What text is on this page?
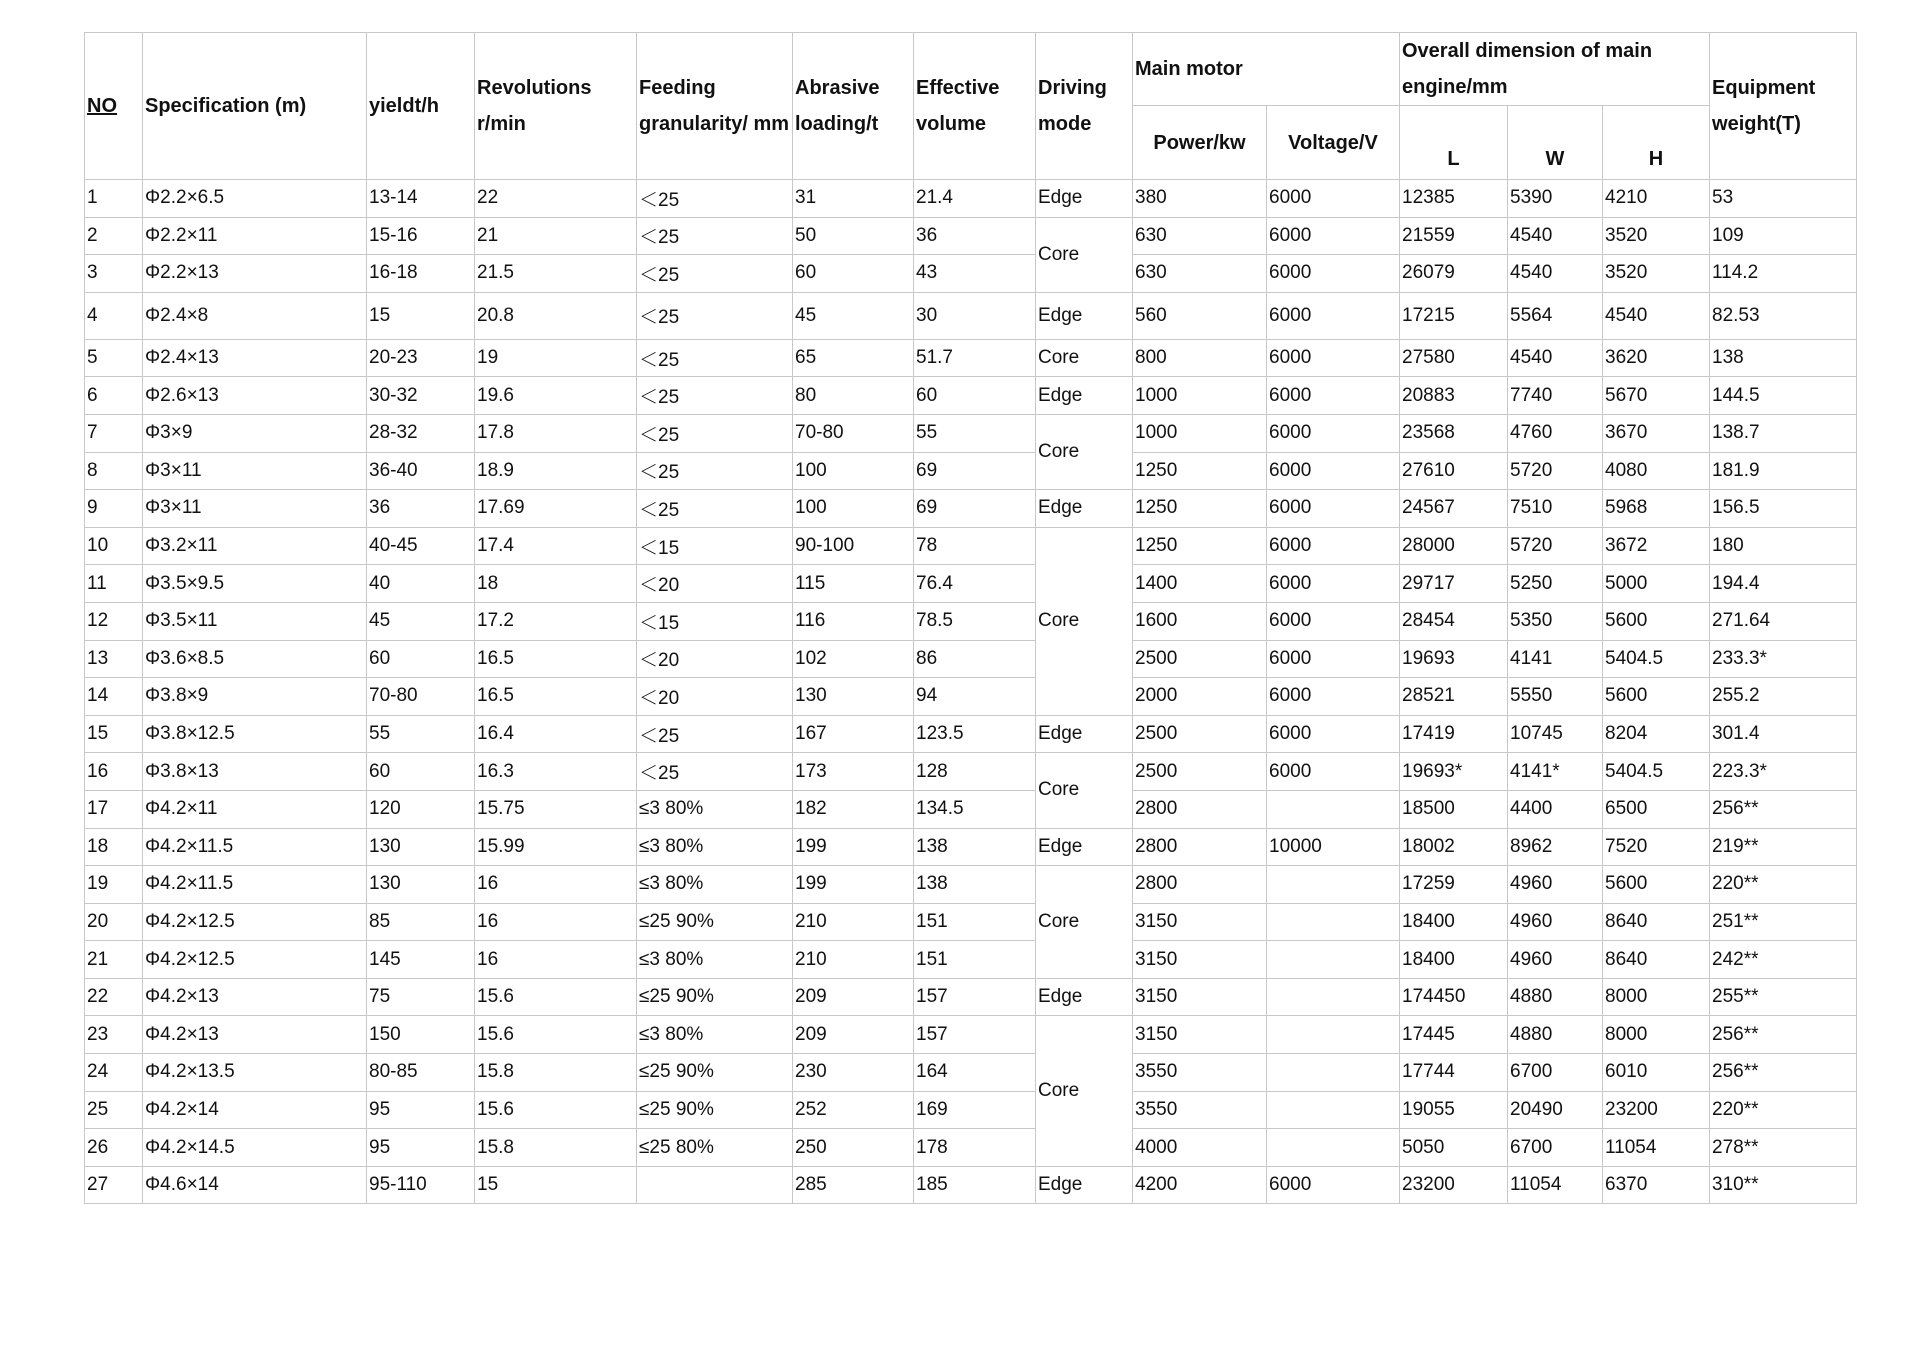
NO	Specification (m)	yieldt/h	Revolutions r/min	Feeding granularity/ mm	Abrasive loading/t	Effective volume	Driving mode	Main motor		Overall dimension of main engine/mm			Equipment weight(T)
								Power/kw	Voltage/V	L	W	H	
1	Φ2.2×6.5	13-14	22	＜25	31	21.4	Edge	380	6000	12385	5390	4210	53
2	Φ2.2×11	15-16	21	＜25	50	36	Core	630	6000	21559	4540	3520	109
3	Φ2.2×13	16-18	21.5	＜25	60	43		630	6000	26079	4540	3520	114.2
4	Φ2.4×8	15	20.8	＜25	45	30	Edge	560	6000	17215	5564	4540	82.53
5	Φ2.4×13	20-23	19	＜25	65	51.7	Core	800	6000	27580	4540	3620	138
6	Φ2.6×13	30-32	19.6	＜25	80	60	Edge	1000	6000	20883	7740	5670	144.5
7	Φ3×9	28-32	17.8	＜25	70-80	55	Core	1000	6000	23568	4760	3670	138.7
8	Φ3×11	36-40	18.9	＜25	100	69		1250	6000	27610	5720	4080	181.9
9	Φ3×11	36	17.69	＜25	100	69	Edge	1250	6000	24567	7510	5968	156.5
10	Φ3.2×11	40-45	17.4	＜15	90-100	78	Core	1250	6000	28000	5720	3672	180
11	Φ3.5×9.5	40	18	＜20	115	76.4		1400	6000	29717	5250	5000	194.4
12	Φ3.5×11	45	17.2	＜15	116	78.5		1600	6000	28454	5350	5600	271.64
13	Φ3.6×8.5	60	16.5	＜20	102	86		2500	6000	19693	4141	5404.5	233.3*
14	Φ3.8×9	70-80	16.5	＜20	130	94		2000	6000	28521	5550	5600	255.2
15	Φ3.8×12.5	55	16.4	＜25	167	123.5	Edge	2500	6000	17419	10745	8204	301.4
16	Φ3.8×13	60	16.3	＜25	173	128	Core	2500	6000	19693*	4141*	5404.5	223.3*
17	Φ4.2×11	120	15.75	≤3 80%	182	134.5		2800		18500	4400	6500	256**
18	Φ4.2×11.5	130	15.99	≤3 80%	199	138	Edge	2800	10000	18002	8962	7520	219**
19	Φ4.2×11.5	130	16	≤3 80%	199	138	Core	2800		17259	4960	5600	220**
20	Φ4.2×12.5	85	16	≤25 90%	210	151		3150		18400	4960	8640	251**
21	Φ4.2×12.5	145	16	≤3 80%	210	151		3150		18400	4960	8640	242**
22	Φ4.2×13	75	15.6	≤25 90%	209	157	Edge	3150		174450	4880	8000	255**
23	Φ4.2×13	150	15.6	≤3 80%	209	157	Core	3150		17445	4880	8000	256**
24	Φ4.2×13.5	80-85	15.8	≤25 90%	230	164		3550		17744	6700	6010	256**
25	Φ4.2×14	95	15.6	≤25 90%	252	169		3550		19055	20490	23200	220**
26	Φ4.2×14.5	95	15.8	≤25 80%	250	178		4000		5050	6700	11054	278**
27	Φ4.6×14	95-110	15		285	185	Edge	4200	6000	23200	11054	6370	310**
